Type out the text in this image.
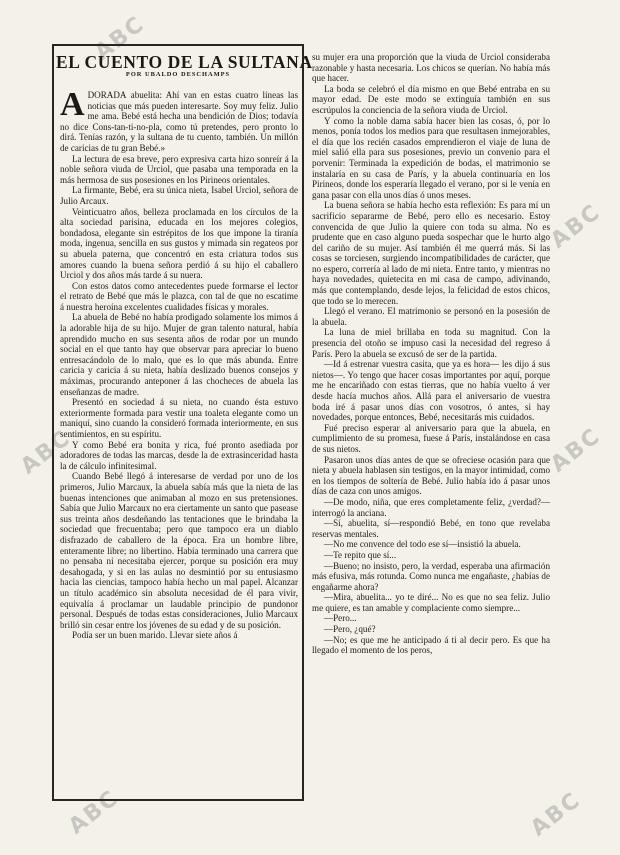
ABC
ABC
ABC	ABC
ABC	ABC
EL CUENTO DE LA SULTANA
POR UBALDO DESCHAMPS

ADORADA abuelita: Ahí van en estas cuatro líneas las noticias que más pueden interesarte. Soy muy feliz. Julio me ama. Bebé está hecha una bendición de Dios; todavía no dice Cons-tan-ti-no-pla, como tú pretendes, pero pronto lo dirá. Tenías razón, y la sultana de tu cuento, también. Un millón de caricias de tu gran Bebé.»

La lectura de esa breve, pero expresiva carta hizo sonreír á la noble señora viuda de Urciol, que pasaba una temporada en la más hermosa de sus posesiones en los Pirineos orientales.

La firmante, Bebé, era su única nieta, Isabel Urciol, señora de Julio Arcaux.

Veinticuatro años, belleza proclamada en los círculos de la alta sociedad parisina, educada en los mejores colegios, bondadosa, elegante sin estrépitos de los que impone la tiranía moda, ingenua, sencilla en sus gustos y mimada sin regateos por su abuela paterna, que concentró en esta criatura todos sus amores cuando la buena señora perdió á su hijo el caballero Urciol y dos años más tarde á su nuera.

Con estos datos como antecedentes puede formarse el lector el retrato de Bebé que más le plazca, con tal de que no escatime á nuestra heroína excelentes cualidades físicas y morales.

La abuela de Bebé no había prodigado solamente los mimos á la adorable hija de su hijo. Mujer de gran talento natural, había aprendido mucho en sus sesenta años de rodar por un mundo social en el que tanto hay que observar para apreciar lo bueno entresacándolo de lo malo, que es lo que más abunda. Entre caricia y caricia á su nieta, había deslizado buenos consejos y máximas, procurando anteponer á las chocheces de abuela las enseñanzas de madre.

Presentó en sociedad á su nieta, no cuando ésta estuvo exteriormente formada para vestir una toaleta elegante como un maniquí, sino cuando la consideró formada interiormente, en sus sentimientos, en su espíritu.

Y como Bebé era bonita y rica, fué pronto asediada por adoradores de todas las marcas, desde la de extrasinceridad hasta la de cálculo infinitesimal.

Cuando Bebé llegó á interesarse de verdad por uno de los primeros, Julio Marcaux, la abuela sabía más que la nieta de las buenas intenciones que animaban al mozo en sus pretensiones. Sabía que Julio Marcaux no era ciertamente un santo que pasease sus treinta años desdeñando las tentaciones que le brindaba la sociedad que frecuentaba; pero que tampoco era un diablo disfrazado de caballero de la época. Era un hombre libre, enteramente libre; no libertino. Había terminado una carrera que no pensaba ni necesitaba ejercer, porque su posición era muy desahogada, y si en las aulas no desmintió por su entusiasmo hacia las ciencias, tampoco había hecho un mal papel. Alcanzar un título académico sin absoluta necesidad de él para vivir, equivalía á proclamar un laudable principio de pundonor personal. Después de todas estas consideraciones, Julio Marcaux brilló sin cesar entre los jóvenes de su edad y de su posición.

Podía ser un buen marido. Llevar siete años á

su mujer era una proporción que la viuda de Urciol consideraba razonable y hasta necesaria. Los chicos se querían. No había más que hacer.

La boda se celebró el día mismo en que Bebé entraba en su mayor edad. De este modo se extinguía también en sus escrúpulos la conciencia de la señora viuda de Urciol.

Y como la noble dama sabía hacer bien las cosas, ó, por lo menos, ponía todos los medios para que resultasen inmejorables, el día que los recién casados emprendieron el viaje de luna de miel salió ella para sus posesiones, previo un convenio para el porvenir: Terminada la expedición de bodas, el matrimonio se instalaría en su casa de París, y la abuela continuaría en los Pirineos, donde los esperaría llegado el verano, por si le venía en gana pasar con ella unos días ó unos meses.

La buena señora se había hecho esta reflexión: Es para mí un sacrificio separarme de Bebé, pero ello es necesario. Estoy convencida de que Julio la quiere con toda su alma. No es prudente que en caso alguno pueda sospechar que le hurto algo del cariño de su mujer. Así también él me querrá más. Si las cosas se torciesen, surgiendo incompatibilidades de carácter, que no espero, correría al lado de mi nieta. Entre tanto, y mientras no haya novedades, quietecita en mi casa de campo, adivinando, más que contemplando, desde lejos, la felicidad de estos chicos, que todo se lo merecen.

Llegó el verano. El matrimonio se personó en la posesión de la abuela.

La luna de miel brillaba en toda su magnitud. Con la presencia del otoño se impuso casi la necesidad del regreso á París. Pero la abuela se excusó de ser de la partida.

—Id á estrenar vuestra casita, que ya es hora— les dijo á sus nietos—. Yo tengo que hacer cosas importantes por aquí, porque me he encariñado con estas tierras, que no había vuelto á ver desde hacía muchos años. Allá para el aniversario de vuestra boda iré á pasar unos días con vosotros, ó antes, si hay novedades, porque entonces, Bebé, necesitarás mis cuidados.

Fué preciso esperar al aniversario para que la abuela, en cumplimiento de su promesa, fuese á París, instalándose en casa de sus nietos.

Pasaron unos días antes de que se ofreciese ocasión para que nieta y abuela hablasen sin testigos, en la mayor intimidad, como en los tiempos de soltería de Bebé. Julio había ido á pasar unos días de caza con unos amigos.

—De modo, niña, que eres completamente feliz, ¿verdad?—interrogó la anciana.

—Sí, abuelita, sí—respondió Bebé, en tono que revelaba reservas mentales.

—No me convence del todo ese sí—insistió la abuela.

—Te repito que sí...

—Bueno; no insisto, pero, la verdad, esperaba una afirmación más efusiva, más rotunda. Como nunca me engañaste, ¿habías de engañarme ahora?

—Mira, abuelita... yo te diré... No es que no sea feliz. Julio me quiere, es tan amable y complaciente como siempre...

—Pero...

—Pero, ¿qué?

—No; es que me he anticipado á ti al decir pero. Es que ha llegado el momento de los peros,
